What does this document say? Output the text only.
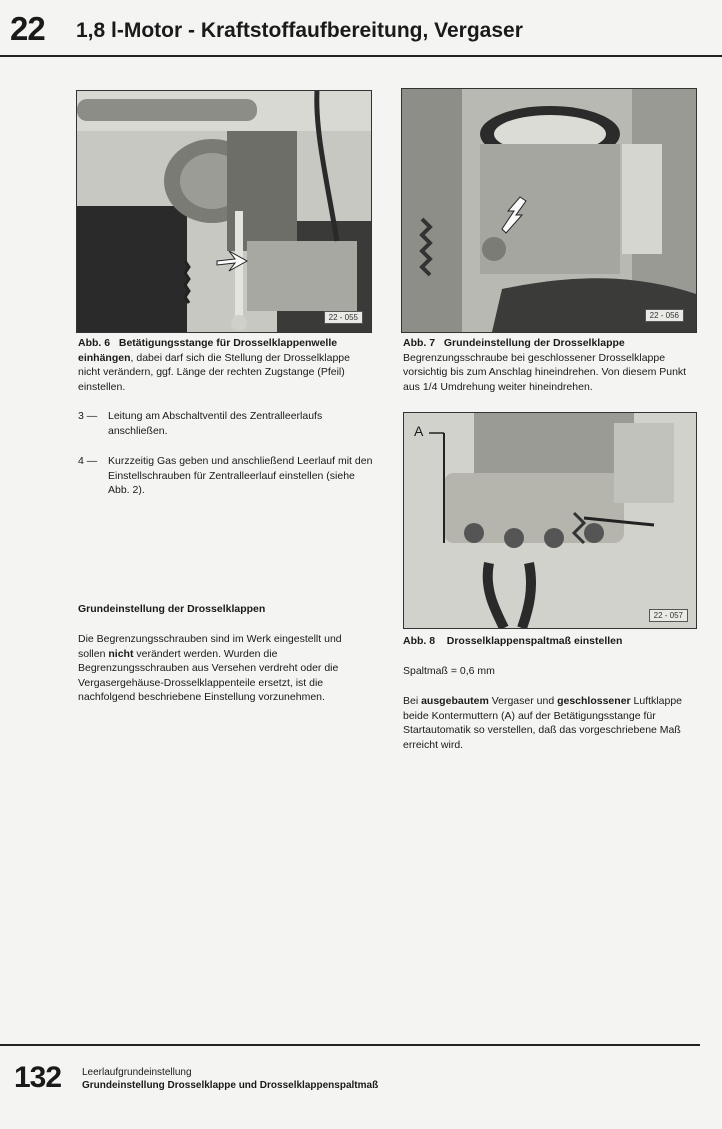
22 1,8 l-Motor - Kraftstoffaufbereitung, Vergaser
22 - 055	22 - 056
Abb. 6 Betätigungsstange für Drosselklappenwelle einhängen, dabei darf sich die Stellung der Drosselklappe nicht verändern, ggf. Länge der rechten Zugstange (Pfeil) einstellen.
Abb. 7 Grundeinstellung der Drosselklappe
Begrenzungsschraube bei geschlossener Drosselklappe vorsichtig bis zum Anschlag hineindrehen. Von diesem Punkt aus 1/4 Umdrehung weiter hineindrehen.
3 —	Leitung am Abschaltventil des Zentralleerlaufs anschließen.
4 —	Kurzzeitig Gas geben und anschließend Leerlauf mit den Einstellschrauben für Zentralleerlauf einstellen (siehe Abb. 2).
A
22 - 057
Grundeinstellung der Drosselklappen
Die Begrenzungsschrauben sind im Werk eingestellt und sollen nicht verändert werden. Wurden die Begrenzungsschrauben aus Versehen verdreht oder die Vergasergehäuse-Drosselklappenteile ersetzt, ist die nachfolgend beschriebene Einstellung vorzunehmen.
Abb. 8 Drosselklappenspaltmaß einstellen
Spaltmaß = 0,6 mm
Bei ausgebautem Vergaser und geschlossener Luftklappe beide Kontermuttern (A) auf der Betätigungsstange für Startautomatik so verstellen, daß das vorgeschriebene Maß erreicht wird.
132 Leerlaufgrundeinstellung
Grundeinstellung Drosselklappe und Drosselklappenspaltmaß
